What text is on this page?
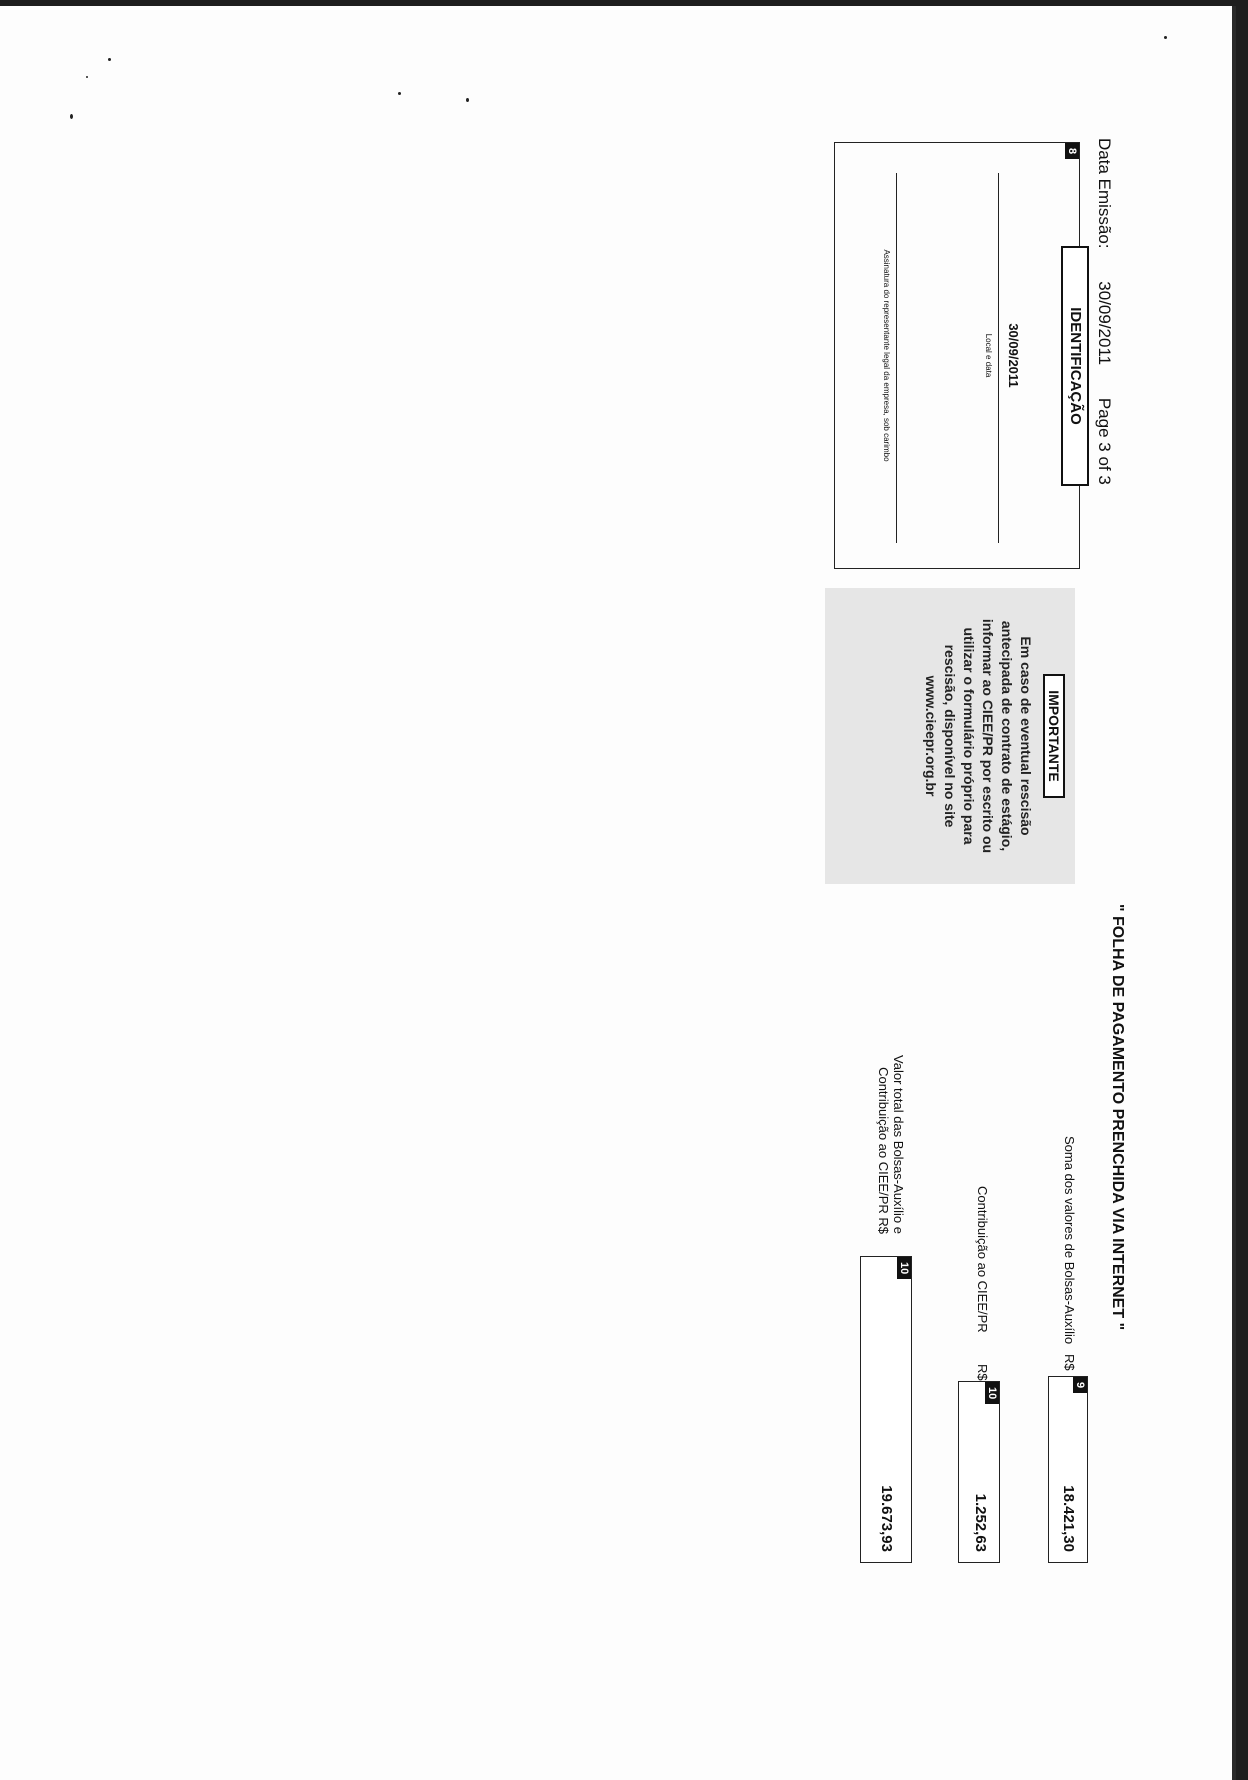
Data Emissão: 30/09/2011 Page 3 of 3
8
IDENTIFICAÇÃO
30/09/2011
Local e data
Assinatura do representante legal da empresa, sob carimbo
IMPORTANTE
Em caso de eventual rescisão antecipada de contrato de estágio, informar ao CIEE/PR por escrito ou utilizar o formulário próprio para rescisão, disponível no site www.cieepr.org.br
" FOLHA DE PAGAMENTO PRENCHIDA VIA INTERNET "
Soma dos valores de Bolsas-Auxílio
R$
9
18.421,30
Contribuição ao CIEE/PR
R$
10
1.252,63
Valor total das Bolsas-Auxílio e
Contribuição ao CIEE/PR R$
10
19.673,93
